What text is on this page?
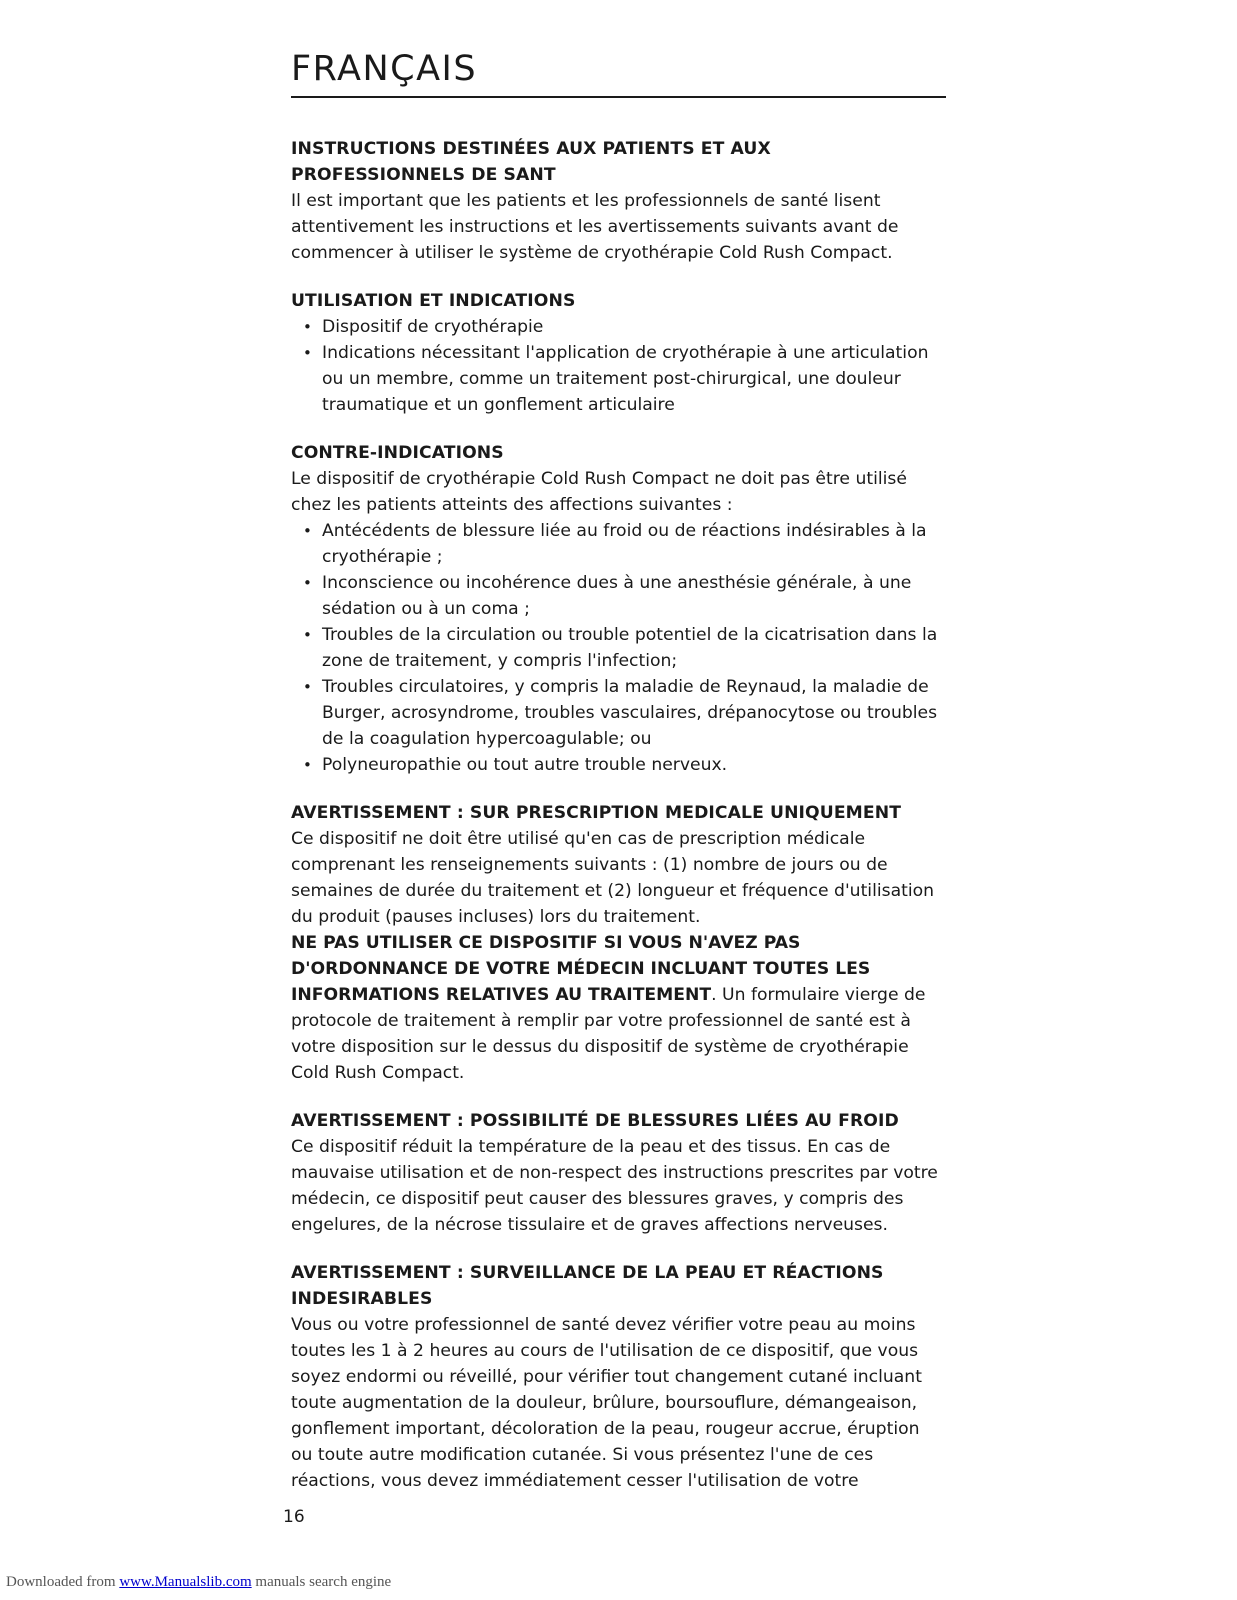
FRANÇAIS

INSTRUCTIONS DESTINÉES AUX PATIENTS ET AUX PROFESSIONNELS DE SANT

Il est important que les patients et les professionnels de santé lisent attentivement les instructions et les avertissements suivants avant de commencer à utiliser le système de cryothérapie Cold Rush Compact.

UTILISATION ET INDICATIONS

• Dispositif de cryothérapie
• Indications nécessitant l'application de cryothérapie à une articulation ou un membre, comme un traitement post-chirurgical, une douleur traumatique et un gonflement articulaire

CONTRE-INDICATIONS

Le dispositif de cryothérapie Cold Rush Compact ne doit pas être utilisé chez les patients atteints des affections suivantes :

• Antécédents de blessure liée au froid ou de réactions indésirables à la cryothérapie ;
• Inconscience ou incohérence dues à une anesthésie générale, à une sédation ou à un coma ;
• Troubles de la circulation ou trouble potentiel de la cicatrisation dans la zone de traitement, y compris l'infection;
• Troubles circulatoires, y compris la maladie de Reynaud, la maladie de Burger, acrosyndrome, troubles vasculaires, drépanocytose ou troubles de la coagulation hypercoagulable; ou
• Polyneuropathie ou tout autre trouble nerveux.

AVERTISSEMENT : SUR PRESCRIPTION MEDICALE UNIQUEMENT

Ce dispositif ne doit être utilisé qu'en cas de prescription médicale comprenant les renseignements suivants : (1) nombre de jours ou de semaines de durée du traitement et (2) longueur et fréquence d'utilisation du produit (pauses incluses) lors du traitement.

NE PAS UTILISER CE DISPOSITIF SI VOUS N'AVEZ PAS D'ORDONNANCE DE VOTRE MÉDECIN INCLUANT TOUTES LES INFORMATIONS RELATIVES AU TRAITEMENT. Un formulaire vierge de protocole de traitement à remplir par votre professionnel de santé est à votre disposition sur le dessus du dispositif de système de cryothérapie Cold Rush Compact.

AVERTISSEMENT : POSSIBILITÉ DE BLESSURES LIÉES AU FROID

Ce dispositif réduit la température de la peau et des tissus. En cas de mauvaise utilisation et de non-respect des instructions prescrites par votre médecin, ce dispositif peut causer des blessures graves, y compris des engelures, de la nécrose tissulaire et de graves affections nerveuses.

AVERTISSEMENT : SURVEILLANCE DE LA PEAU ET RÉACTIONS INDESIRABLES

Vous ou votre professionnel de santé devez vérifier votre peau au moins toutes les 1 à 2 heures au cours de l'utilisation de ce dispositif, que vous soyez endormi ou réveillé, pour vérifier tout changement cutané incluant toute augmentation de la douleur, brûlure, boursouflure, démangeaison, gonflement important, décoloration de la peau, rougeur accrue, éruption ou toute autre modification cutanée. Si vous présentez l'une de ces réactions, vous devez immédiatement cesser l'utilisation de votre

16
Downloaded from www.Manualslib.com manuals search engine
